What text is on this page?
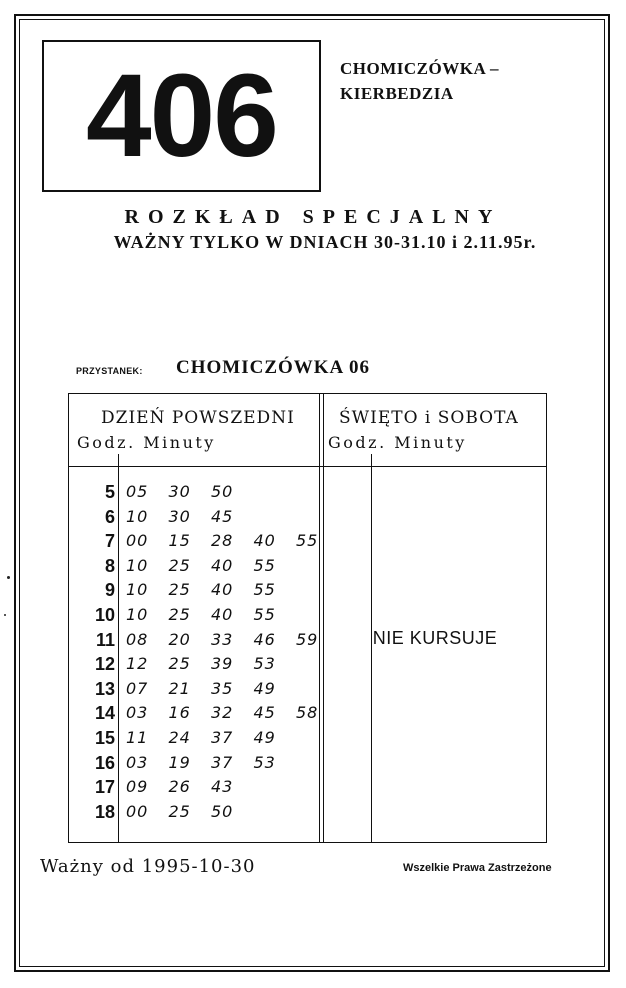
406	CHOMICZÓWKA –
KIERBEDZIA
ROZKŁAD SPECJALNY
WAŻNY TYLKO W DNIACH 30-31.10 i 2.11.95r.
PRZYSTANEK: CHOMICZÓWKA 06
DZIEŃ POWSZEDNI
Godz. Minuty
ŚWIĘTO i SOBOTA
Godz. Minuty
5 05 30 50
6 10 30 45
7 00 15 28 40 55
8 10 25 40 55
9 10 25 40 55
10 10 25 40 55
11 08 20 33 46 59
12 12 25 39 53
13 07 21 35 49
14 03 16 32 45 58
15 11 24 37 49
16 03 19 37 53
17 09 26 43
18 00 25 50
NIE KURSUJE
Ważny od 1995-10-30	Wszelkie Prawa Zastrzeżone
